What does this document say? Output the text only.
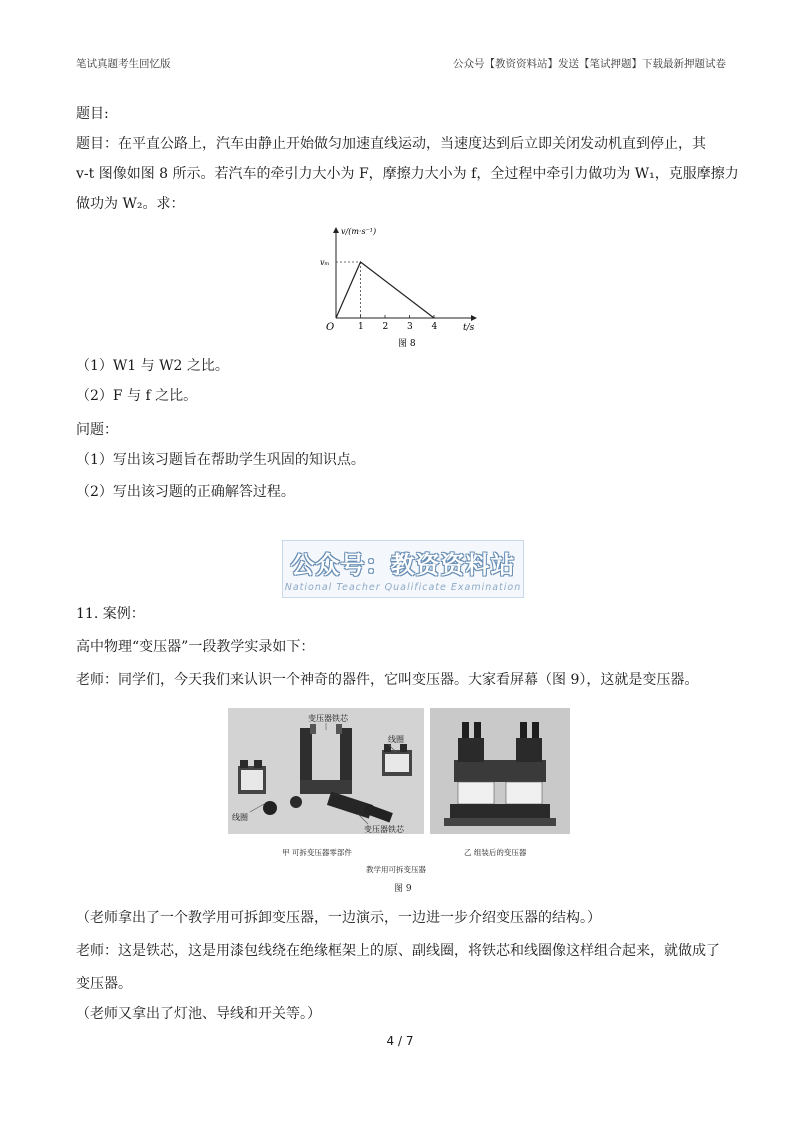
笔试真题考生回忆版	公众号【教资资料站】发送【笔试押题】下载最新押题试卷
题目:
题目：在平直公路上，汽车由静止开始做匀加速直线运动，当速度达到后立即关闭发动机直到停止，其
v-t 图像如图 8 所示。若汽车的牵引力大小为 F，摩擦力大小为 f，全过程中牵引力做功为 W₁，克服摩擦力
做功为 W₂。求：
v/(m·s⁻¹)
vₘ
O	t/s
1 2 3 4
图 8
（1）W1 与 W2 之比。
（2）F 与 f 之比。
问题：
（1）写出该习题旨在帮助学生巩固的知识点。
（2）写出该习题的正确解答过程。
公众号：教资资料站
National Teacher Qualificate Examination
11. 案例：
高中物理“变压器”一段教学实录如下：
老师：同学们，今天我们来认识一个神奇的器件，它叫变压器。大家看屏幕（图 9），这就是变压器。
变压器铁芯
线圈
线圈
变压器铁芯
甲 可拆变压器零部件	乙 组装后的变压器
教学用可拆变压器
图 9
（老师拿出了一个教学用可拆卸变压器，一边演示，一边进一步介绍变压器的结构。）
老师：这是铁芯，这是用漆包线绕在绝缘框架上的原、副线圈，将铁芯和线圈像这样组合起来，就做成了
变压器。
（老师又拿出了灯池、导线和开关等。）
4 / 7
